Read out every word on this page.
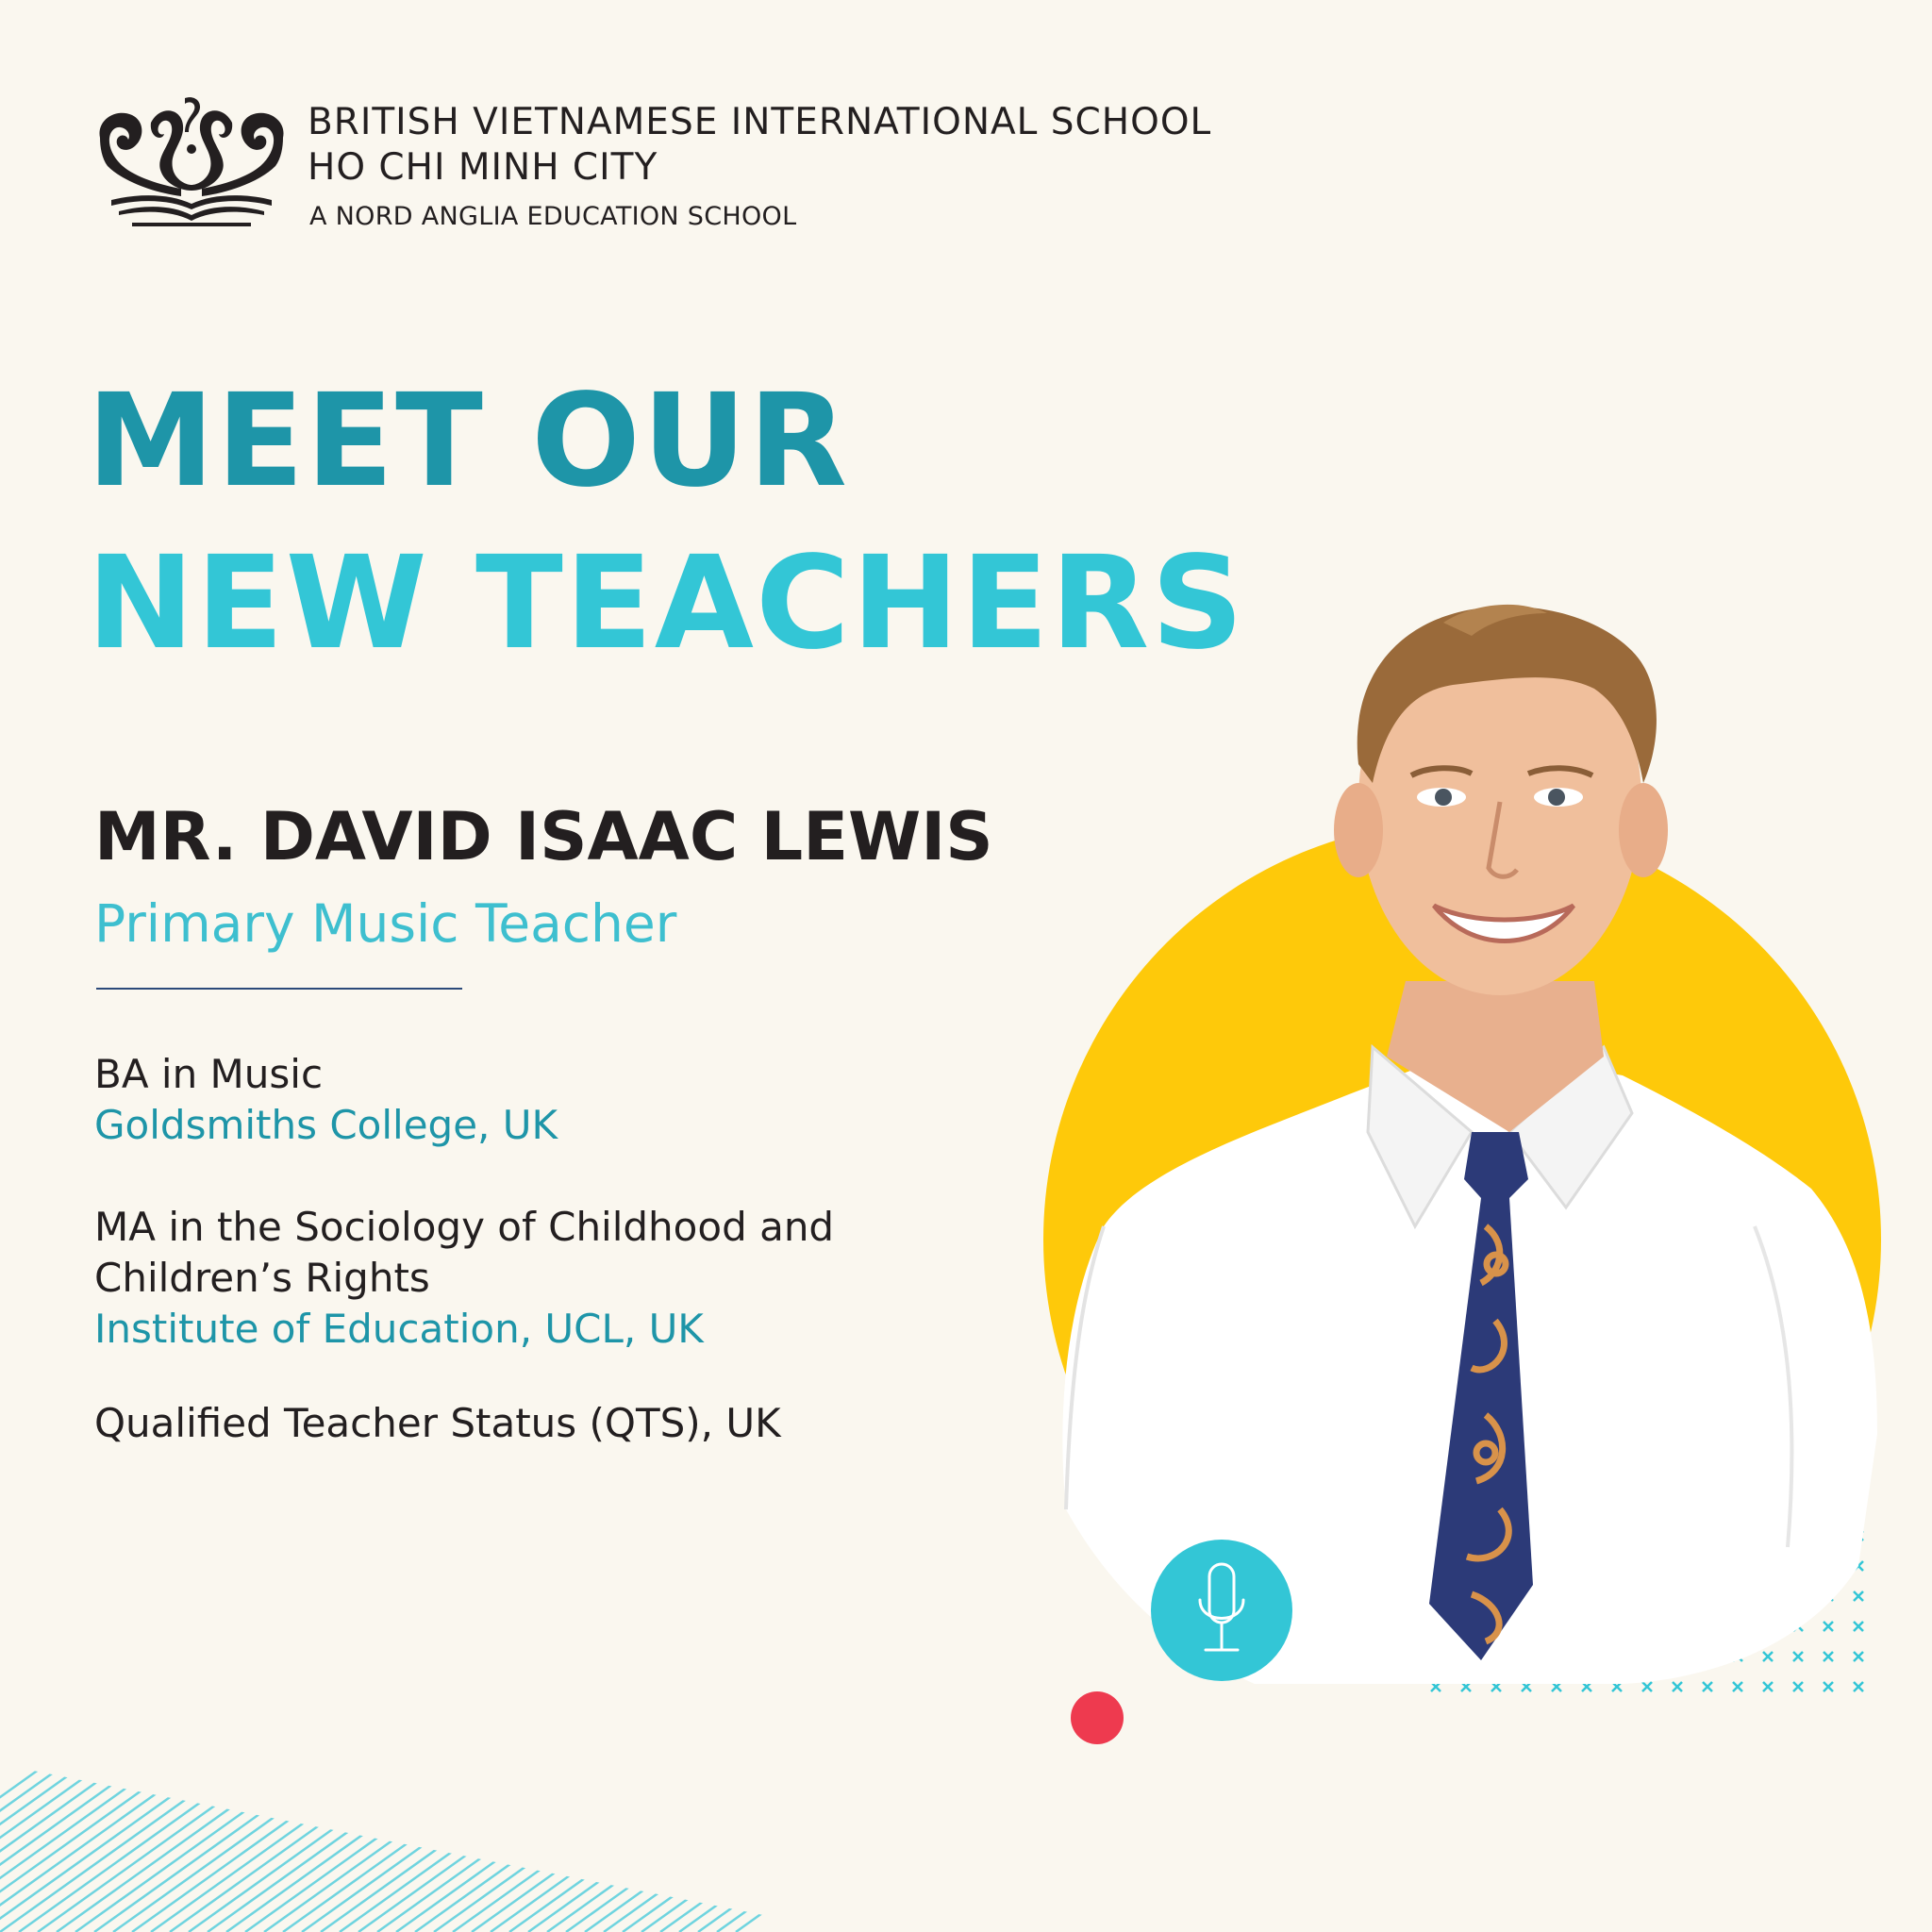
BRITISH VIETNAMESE INTERNATIONAL SCHOOL
HO CHI MINH CITY
A NORD ANGLIA EDUCATION SCHOOL
MEET OUR
NEW TEACHERS
MR. DAVID ISAAC LEWIS
Primary Music Teacher
BA in Music
Goldsmiths College, UK
MA in the Sociology of Childhood and
Children’s Rights
Institute of Education, UCL, UK
Qualified Teacher Status (QTS), UK
